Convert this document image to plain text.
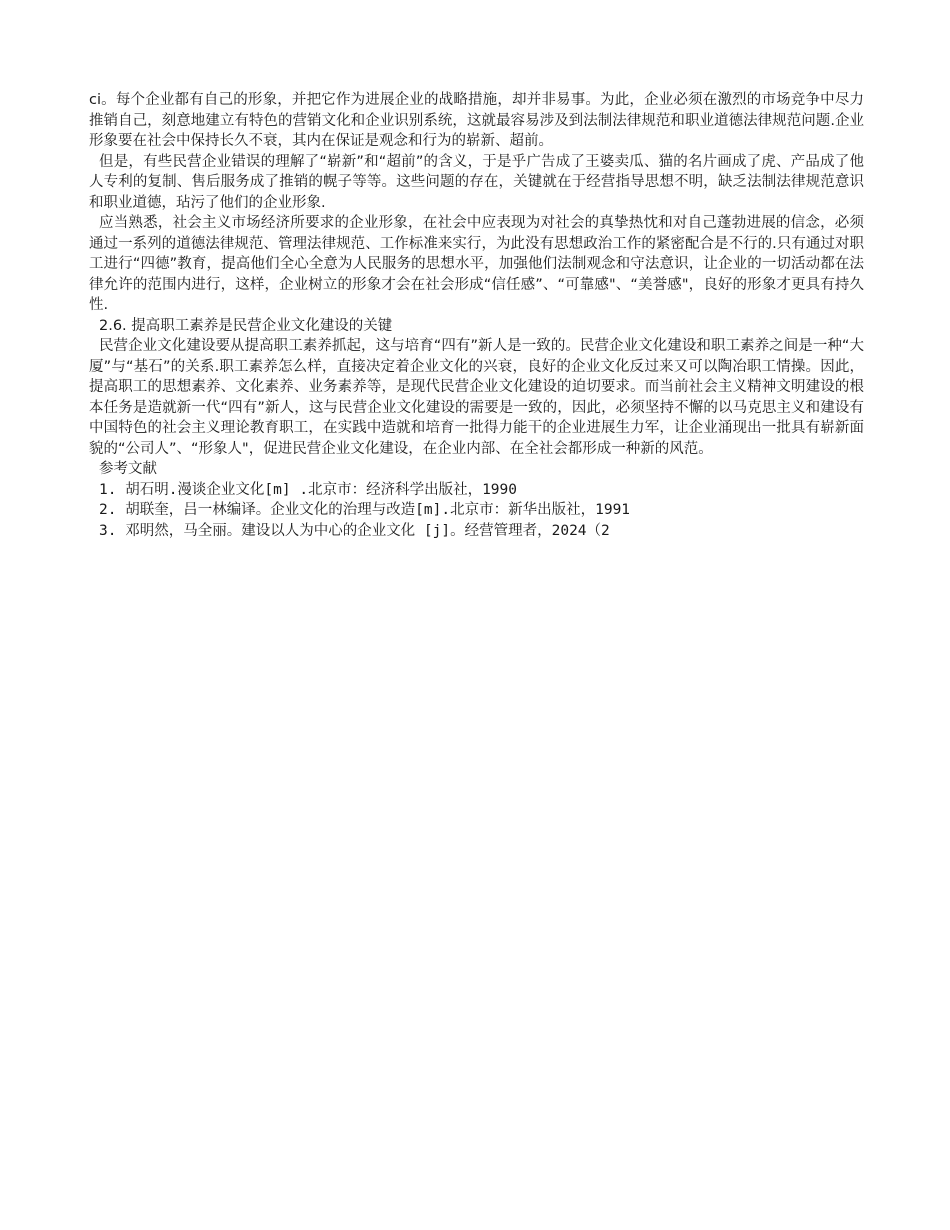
ci。每个企业都有自己的形象，并把它作为进展企业的战略措施，却并非易事。为此，企业必须在激烈的市场竞争中尽力推销自己，刻意地建立有特色的营销文化和企业识别系统，这就最容易涉及到法制法律规范和职业道德法律规范问题.企业形象要在社会中保持长久不衰，其内在保证是观念和行为的崭新、超前。

但是，有些民营企业错误的理解了“崭新”和“超前”的含义，于是乎广告成了王婆卖瓜、猫的名片画成了虎、产品成了他人专利的复制、售后服务成了推销的幌子等等。这些问题的存在，关键就在于经营指导思想不明，缺乏法制法律规范意识和职业道德，玷污了他们的企业形象.

应当熟悉，社会主义市场经济所要求的企业形象，在社会中应表现为对社会的真挚热忱和对自己蓬勃进展的信念，必须通过一系列的道德法律规范、管理法律规范、工作标准来实行，为此没有思想政治工作的紧密配合是不行的.只有通过对职工进行“四德”教育，提高他们全心全意为人民服务的思想水平，加强他们法制观念和守法意识，让企业的一切活动都在法律允许的范围内进行，这样，企业树立的形象才会在社会形成“信任感”、“可靠感"、“美誉感"，良好的形象才更具有持久性.

2.6. 提高职工素养是民营企业文化建设的关键

民营企业文化建设要从提高职工素养抓起，这与培育“四有”新人是一致的。民营企业文化建设和职工素养之间是一种“大厦”与“基石”的关系.职工素养怎么样，直接决定着企业文化的兴衰，良好的企业文化反过来又可以陶冶职工情操。因此，提高职工的思想素养、文化素养、业务素养等，是现代民营企业文化建设的迫切要求。而当前社会主义精神文明建设的根本任务是造就新一代“四有”新人，这与民营企业文化建设的需要是一致的，因此，必须坚持不懈的以马克思主义和建设有中国特色的社会主义理论教育职工，在实践中造就和培育一批得力能干的企业进展生力军，让企业涌现出一批具有崭新面貌的“公司人”、“形象人"，促进民营企业文化建设，在企业内部、在全社会都形成一种新的风范。

参考文献

1. 胡石明.漫谈企业文化[m] .北京市：经济科学出版社，1990

2. 胡联奎，吕一林编译。企业文化的治理与改造[m].北京市：新华出版社，1991

3. 邓明然，马全丽。建设以人为中心的企业文化 [j]。经营管理者，2024（2
